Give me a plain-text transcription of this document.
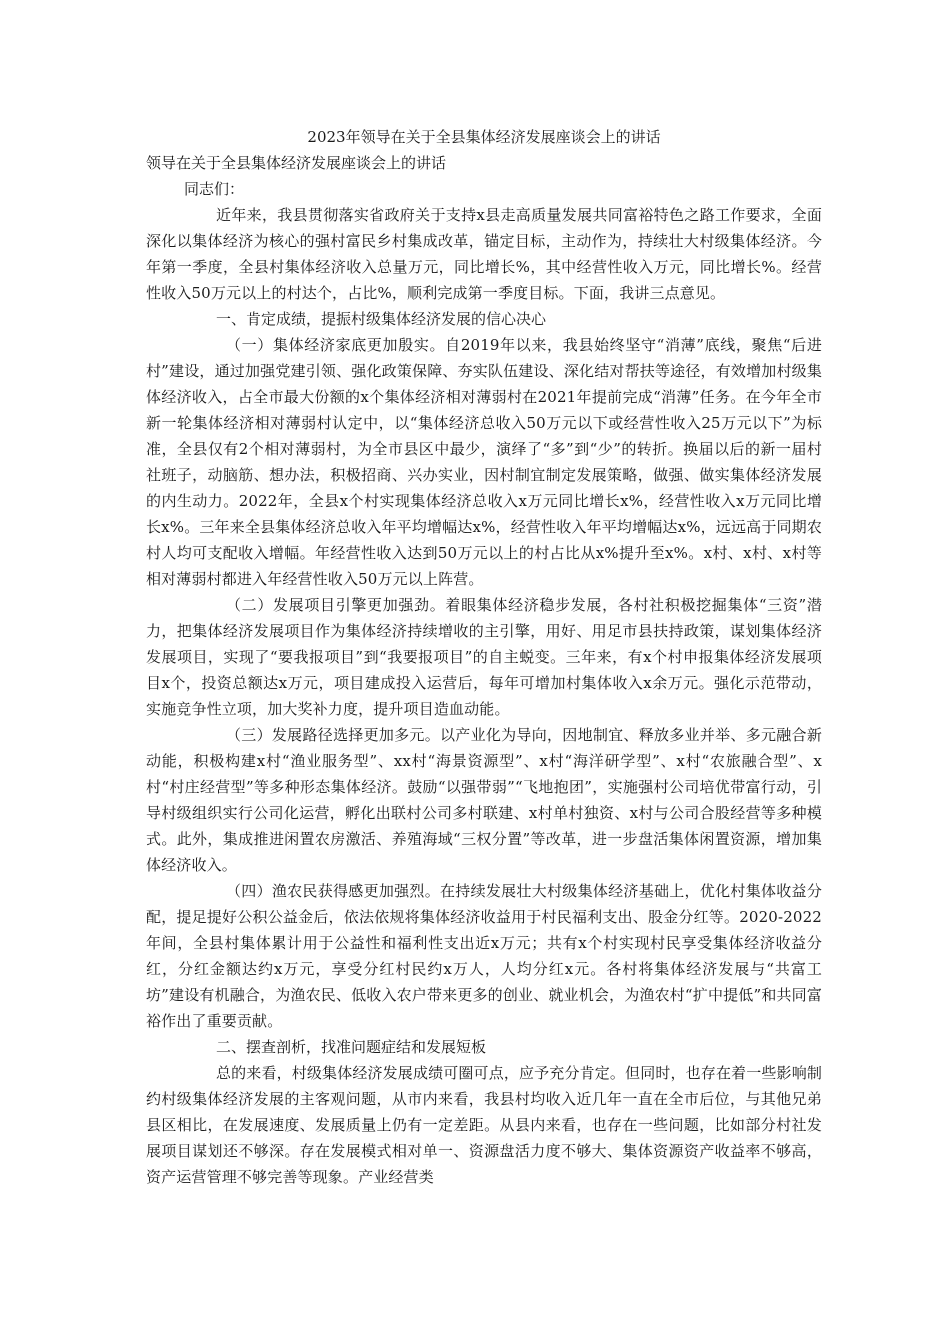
2023年领导在关于全县集体经济发展座谈会上的讲话

领导在关于全县集体经济发展座谈会上的讲话

同志们：

近年来，我县贯彻落实省政府关于支持x县走高质量发展共同富裕特色之路工作要求，全面深化以集体经济为核心的强村富民乡村集成改革，锚定目标，主动作为，持续壮大村级集体经济。今年第一季度，全县村集体经济收入总量万元，同比增长%，其中经营性收入万元，同比增长%。经营性收入50万元以上的村达个，占比%，顺利完成第一季度目标。下面，我讲三点意见。

一、肯定成绩，提振村级集体经济发展的信心决心

（一）集体经济家底更加殷实。自2019年以来，我县始终坚守“消薄”底线，聚焦“后进村”建设，通过加强党建引领、强化政策保障、夯实队伍建设、深化结对帮扶等途径，有效增加村级集体经济收入，占全市最大份额的x个集体经济相对薄弱村在2021年提前完成“消薄”任务。在今年全市新一轮集体经济相对薄弱村认定中，以“集体经济总收入50万元以下或经营性收入25万元以下”为标准，全县仅有2个相对薄弱村，为全市县区中最少，演绎了“多”到“少”的转折。换届以后的新一届村社班子，动脑筋、想办法，积极招商、兴办实业，因村制宜制定发展策略，做强、做实集体经济发展的内生动力。2022年，全县x个村实现集体经济总收入x万元同比增长x%，经营性收入x万元同比增长x%。三年来全县集体经济总收入年平均增幅达x%，经营性收入年平均增幅达x%，远远高于同期农村人均可支配收入增幅。年经营性收入达到50万元以上的村占比从x%提升至x%。x村、x村、x村等相对薄弱村都进入年经营性收入50万元以上阵营。

（二）发展项目引擎更加强劲。着眼集体经济稳步发展，各村社积极挖掘集体“三资”潜力，把集体经济发展项目作为集体经济持续增收的主引擎，用好、用足市县扶持政策，谋划集体经济发展项目，实现了“要我报项目”到“我要报项目”的自主蜕变。三年来，有x个村申报集体经济发展项目x个，投资总额达x万元，项目建成投入运营后，每年可增加村集体收入x余万元。强化示范带动，实施竞争性立项，加大奖补力度，提升项目造血动能。

（三）发展路径选择更加多元。以产业化为导向，因地制宜、释放多业并举、多元融合新动能，积极构建x村“渔业服务型”、xx村“海景资源型”、x村“海洋研学型”、x村“农旅融合型”、x村“村庄经营型”等多种形态集体经济。鼓励“以强带弱”“飞地抱团”，实施强村公司培优带富行动，引导村级组织实行公司化运营，孵化出联村公司多村联建、x村单村独资、x村与公司合股经营等多种模式。此外，集成推进闲置农房激活、养殖海域“三权分置”等改革，进一步盘活集体闲置资源，增加集体经济收入。

（四）渔农民获得感更加强烈。在持续发展壮大村级集体经济基础上，优化村集体收益分配，提足提好公积公益金后，依法依规将集体经济收益用于村民福利支出、股金分红等。2020-2022年间，全县村集体累计用于公益性和福利性支出近x万元；共有x个村实现村民享受集体经济收益分红，分红金额达约x万元，享受分红村民约x万人，人均分红x元。各村将集体经济发展与“共富工坊”建设有机融合，为渔农民、低收入农户带来更多的创业、就业机会，为渔农村“扩中提低”和共同富裕作出了重要贡献。

二、摆查剖析，找准问题症结和发展短板

总的来看，村级集体经济发展成绩可圈可点，应予充分肯定。但同时，也存在着一些影响制约村级集体经济发展的主客观问题，从市内来看，我县村均收入近几年一直在全市后位，与其他兄弟县区相比，在发展速度、发展质量上仍有一定差距。从县内来看，也存在一些问题，比如部分村社发展项目谋划还不够深。存在发展模式相对单一、资源盘活力度不够大、集体资源资产收益率不够高，资产运营管理不够完善等现象。产业经营类
